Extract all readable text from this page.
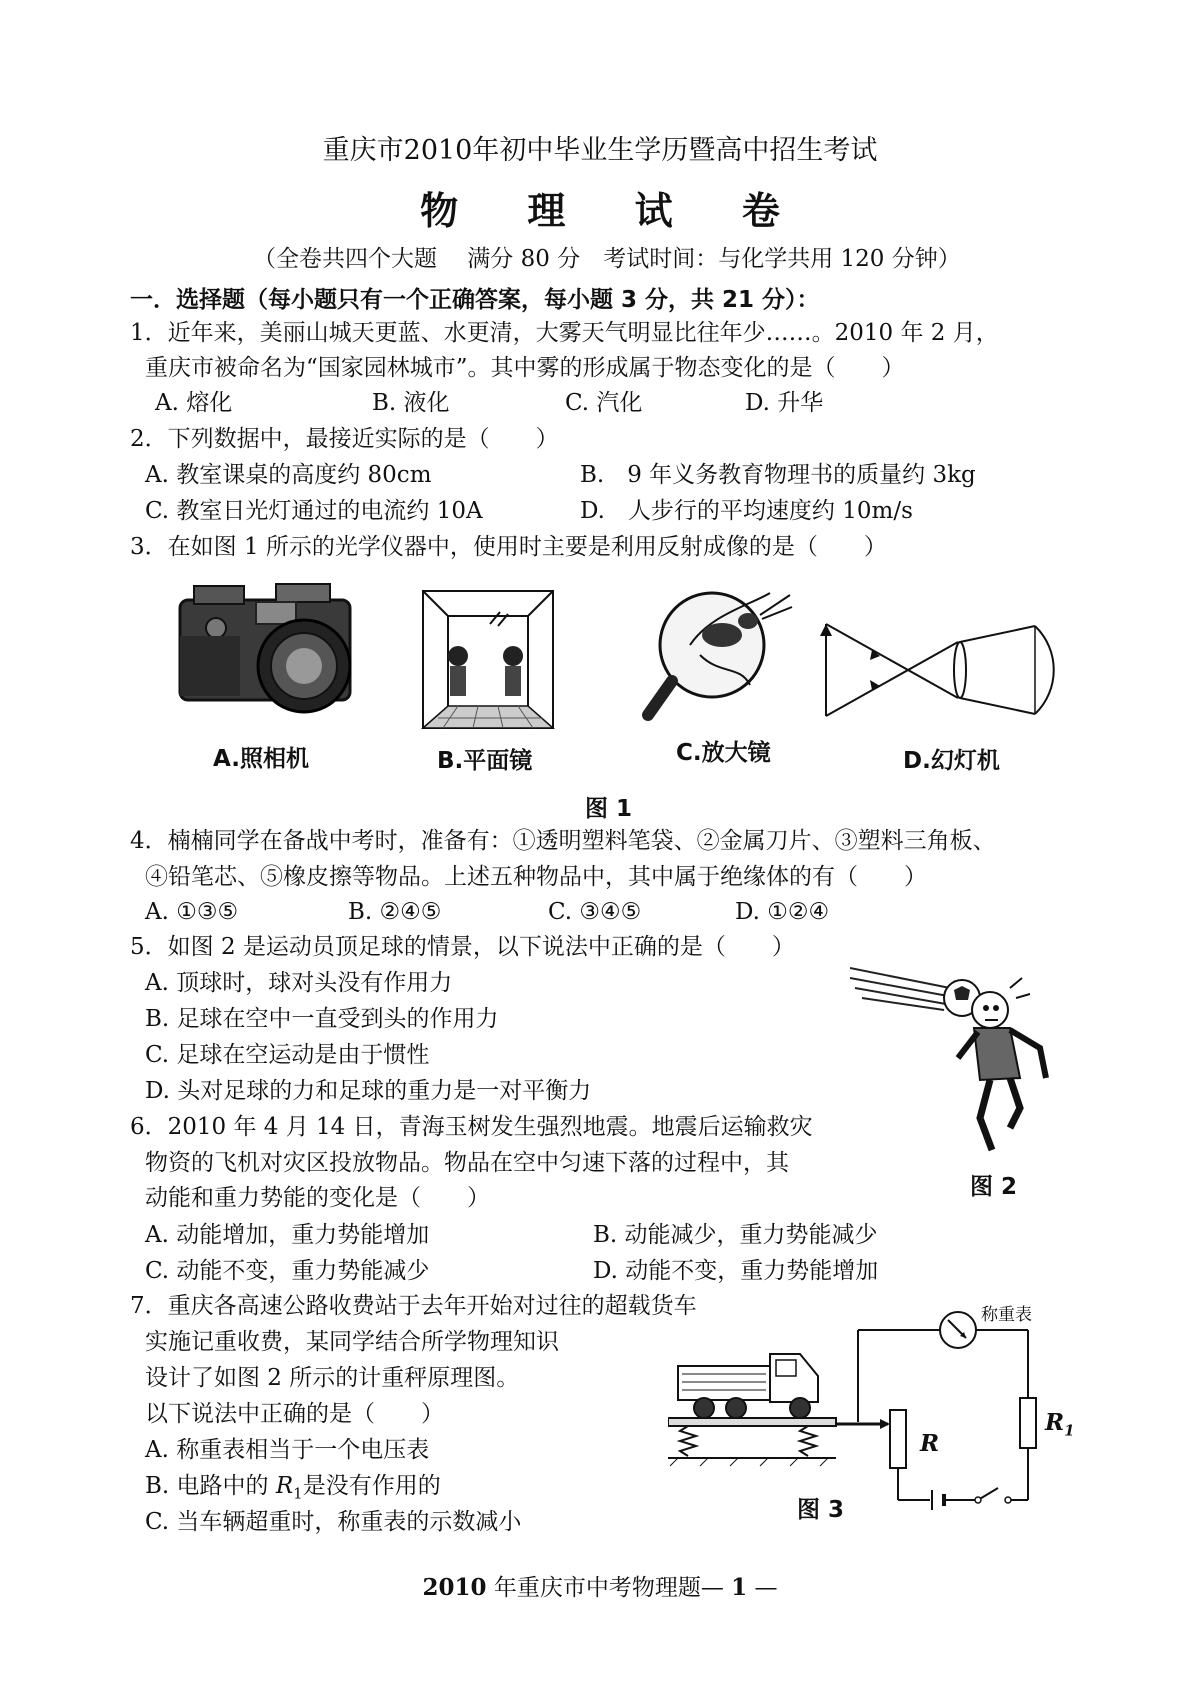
重庆市2010年初中毕业生学历暨高中招生考试
物 理 试 卷
（全卷共四个大题　 满分 80 分　考试时间：与化学共用 120 分钟）
一．选择题（每小题只有一个正确答案，每小题 3 分，共 21 分）：
1．近年来，美丽山城天更蓝、水更清，大雾天气明显比往年少……。2010 年 2 月，
重庆市被命名为“国家园林城市”。其中雾的形成属于物态变化的是（　　）
A. 熔化	B. 液化	C. 汽化	D. 升华
2．下列数据中，最接近实际的是（　　）
A. 教室课桌的高度约 80cm	B.　9 年义务教育物理书的质量约 3kg
C. 教室日光灯通过的电流约 10A	D.　人步行的平均速度约 10m/s
3．在如图 1 所示的光学仪器中，使用时主要是利用反射成像的是（　　）
A.照相机	B.平面镜	C.放大镜	D.幻灯机
图 1
4．楠楠同学在备战中考时，准备有：①透明塑料笔袋、②金属刀片、③塑料三角板、
④铅笔芯、⑤橡皮擦等物品。上述五种物品中，其中属于绝缘体的有（　　）
A. ①③⑤	B. ②④⑤	C. ③④⑤	D. ①②④
5．如图 2 是运动员顶足球的情景，以下说法中正确的是（　　）
A. 顶球时，球对头没有作用力
B. 足球在空中一直受到头的作用力
C. 足球在空运动是由于惯性
D. 头对足球的力和足球的重力是一对平衡力
图 2
6．2010 年 4 月 14 日，青海玉树发生强烈地震。地震后运输救灾
物资的飞机对灾区投放物品。物品在空中匀速下落的过程中，其
动能和重力势能的变化是（　　）
A. 动能增加，重力势能增加	B. 动能减少，重力势能减少
C. 动能不变，重力势能减少	D. 动能不变，重力势能增加
7．重庆各高速公路收费站于去年开始对过往的超载货车
实施记重收费，某同学结合所学物理知识
设计了如图 2 所示的计重秤原理图。
以下说法中正确的是（　　）
A. 称重表相当于一个电压表
B. 电路中的 $R_1$是没有作用的
C. 当车辆超重时，称重表的示数减小
称重表
R
$R_1$
图 3
2010 年重庆市中考物理题— 1 —
